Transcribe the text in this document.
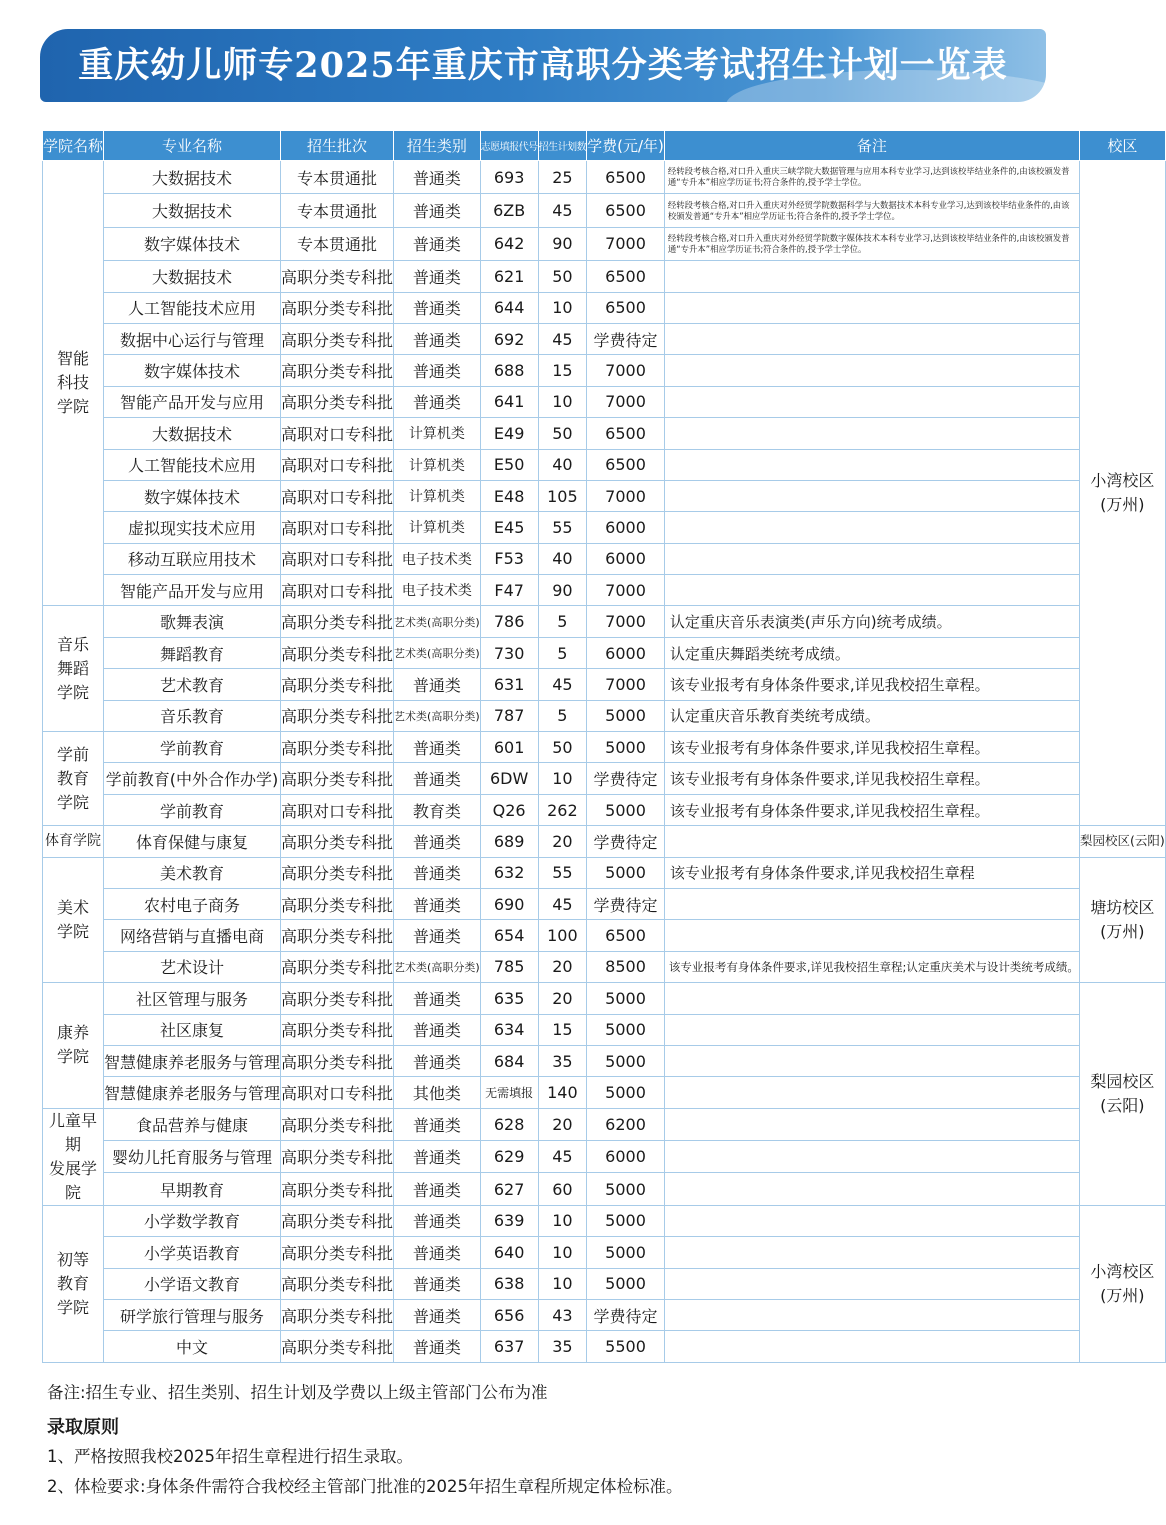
重庆幼儿师专2025年重庆市高职分类考试招生计划一览表
学院名称	专业名称	招生批次	招生类别	志愿填报代号	招生计划数	学费(元/年)	备注	校区
智能
科技
学院	大数据技术	专本贯通批	普通类	693	25	6500	经转段考核合格,对口升入重庆三峡学院大数据管理与应用本科专业学习,达到该校毕结业条件的,由该校颁发普通“专升本”相应学历证书;符合条件的,授予学士学位。	小湾校区
(万州)
	大数据技术	专本贯通批	普通类	6ZB	45	6500	经转段考核合格,对口升入重庆对外经贸学院数据科学与大数据技术本科专业学习,达到该校毕结业条件的,由该校颁发普通“专升本”相应学历证书;符合条件的,授予学士学位。	
	数字媒体技术	专本贯通批	普通类	642	90	7000	经转段考核合格,对口升入重庆对外经贸学院数字媒体技术本科专业学习,达到该校毕结业条件的,由该校颁发普通“专升本”相应学历证书;符合条件的,授予学士学位。	
	大数据技术	高职分类专科批	普通类	621	50	6500		
	人工智能技术应用	高职分类专科批	普通类	644	10	6500		
	数据中心运行与管理	高职分类专科批	普通类	692	45	学费待定		
	数字媒体技术	高职分类专科批	普通类	688	15	7000		
	智能产品开发与应用	高职分类专科批	普通类	641	10	7000		
	大数据技术	高职对口专科批	计算机类	E49	50	6500		
	人工智能技术应用	高职对口专科批	计算机类	E50	40	6500		
	数字媒体技术	高职对口专科批	计算机类	E48	105	7000		
	虚拟现实技术应用	高职对口专科批	计算机类	E45	55	6000		
	移动互联应用技术	高职对口专科批	电子技术类	F53	40	6000		
	智能产品开发与应用	高职对口专科批	电子技术类	F47	90	7000		
音乐
舞蹈
学院	歌舞表演	高职分类专科批	艺术类(高职分类)	786	5	7000	认定重庆音乐表演类(声乐方向)统考成绩。	
	舞蹈教育	高职分类专科批	艺术类(高职分类)	730	5	6000	认定重庆舞蹈类统考成绩。	
	艺术教育	高职分类专科批	普通类	631	45	7000	该专业报考有身体条件要求,详见我校招生章程。	
	音乐教育	高职分类专科批	艺术类(高职分类)	787	5	5000	认定重庆音乐教育类统考成绩。	
学前
教育
学院	学前教育	高职分类专科批	普通类	601	50	5000	该专业报考有身体条件要求,详见我校招生章程。	
	学前教育(中外合作办学)	高职分类专科批	普通类	6DW	10	学费待定	该专业报考有身体条件要求,详见我校招生章程。	
	学前教育	高职对口专科批	教育类	Q26	262	5000	该专业报考有身体条件要求,详见我校招生章程。	
体育学院	体育保健与康复	高职分类专科批	普通类	689	20	学费待定		梨园校区(云阳)
美术
学院	美术教育	高职分类专科批	普通类	632	55	5000	该专业报考有身体条件要求,详见我校招生章程	塘坊校区
(万州)
	农村电子商务	高职分类专科批	普通类	690	45	学费待定		
	网络营销与直播电商	高职分类专科批	普通类	654	100	6500		
	艺术设计	高职分类专科批	艺术类(高职分类)	785	20	8500	该专业报考有身体条件要求,详见我校招生章程;认定重庆美术与设计类统考成绩。	
康养
学院	社区管理与服务	高职分类专科批	普通类	635	20	5000		梨园校区
(云阳)
	社区康复	高职分类专科批	普通类	634	15	5000		
	智慧健康养老服务与管理	高职分类专科批	普通类	684	35	5000		
	智慧健康养老服务与管理	高职对口专科批	其他类	无需填报	140	5000		
儿童早期
发展学院	食品营养与健康	高职分类专科批	普通类	628	20	6200		
	婴幼儿托育服务与管理	高职分类专科批	普通类	629	45	6000		
	早期教育	高职分类专科批	普通类	627	60	5000		
初等
教育
学院	小学数学教育	高职分类专科批	普通类	639	10	5000		小湾校区
(万州)
	小学英语教育	高职分类专科批	普通类	640	10	5000		
	小学语文教育	高职分类专科批	普通类	638	10	5000		
	研学旅行管理与服务	高职分类专科批	普通类	656	43	学费待定		
	中文	高职分类专科批	普通类	637	35	5500		
备注:招生专业、招生类别、招生计划及学费以上级主管部门公布为准
录取原则
1、严格按照我校2025年招生章程进行招生录取。
2、体检要求:身体条件需符合我校经主管部门批准的2025年招生章程所规定体检标准。
